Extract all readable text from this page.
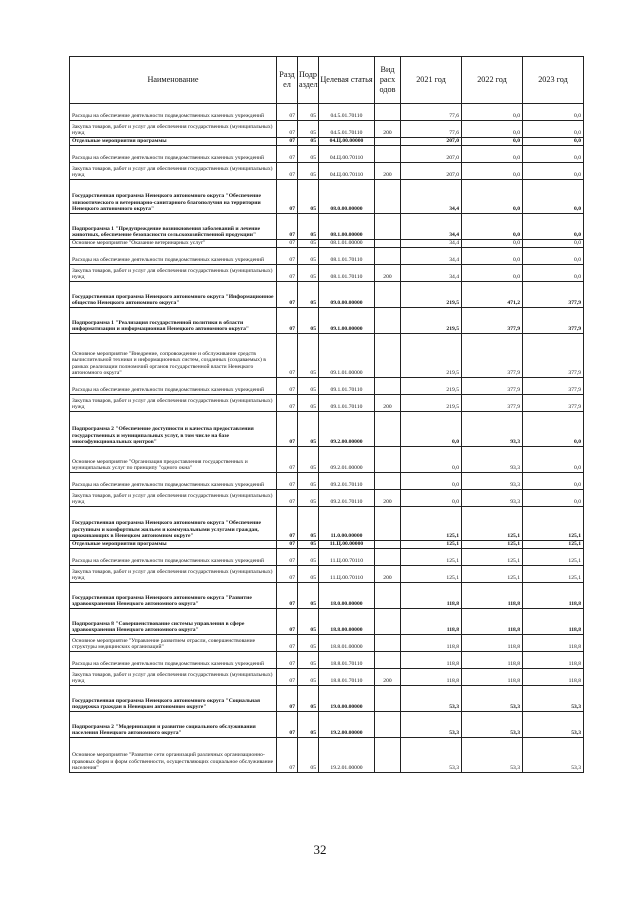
Наименование	Разд ел	Подр аздел	Целевая статья	Вид расх одов	2021 год	2022 год	2023 год
Расходы на обеспечение деятельности подведомственных казенных учреждений	07	05	04.5.01.70110		77,6	0,0	0,0
Закупка товаров, работ и услуг для обеспечения государственных (муниципальных) нужд	07	05	04.5.01.70110	200	77,6	0,0	0,0
Отдельные мероприятия программы	07	05	04.Ц.00.00000		207,0	0,0	0,0
Расходы на обеспечение деятельности подведомственных казенных учреждений	07	05	04.Ц.00.70110		207,0	0,0	0,0
Закупка товаров, работ и услуг для обеспечения государственных (муниципальных) нужд	07	05	04.Ц.00.70110	200	207,0	0,0	0,0
Государственная программа Ненецкого автономного округа "Обеспечение эпизоотического и ветеринарно-санитарного благополучия на территории Ненецкого автономного округа"	07	05	08.0.00.00000		34,4	0,0	0,0
Подпрограмма 1 "Предупреждение возникновения заболеваний и лечение животных, обеспечение безопасности сельскохозяйственной продукции"	07	05	08.1.00.00000		34,4	0,0	0,0
Основное мероприятие "Оказание ветеринарных услуг"	07	05	08.1.01.00000		34,4	0,0	0,0
Расходы на обеспечение деятельности подведомственных казенных учреждений	07	05	08.1.01.70110		34,4	0,0	0,0
Закупка товаров, работ и услуг для обеспечения государственных (муниципальных) нужд	07	05	08.1.01.70110	200	34,4	0,0	0,0
Государственная программа Ненецкого автономного округа "Информационное общество Ненецкого автономного округа"	07	05	09.0.00.00000		219,5	471,2	377,9
Подпрограмма 1 "Реализация государственной политики в области информатизации и информационная Ненецкого автономного округа"	07	05	09.1.00.00000		219,5	377,9	377,9
Основное мероприятие "Внедрение, сопровождение и обслуживание средств вычислительной техники и информационных систем, созданных (создаваемых) в рамках реализации полномочий органов государственной власти Ненецкого автономного округа"	07	05	09.1.01.00000		219,5	377,9	377,9
Расходы на обеспечение деятельности подведомственных казенных учреждений	07	05	09.1.01.70110		219,5	377,9	377,9
Закупка товаров, работ и услуг для обеспечения государственных (муниципальных) нужд	07	05	09.1.01.70110	200	219,5	377,9	377,9
Подпрограмма 2 "Обеспечение доступности и качества предоставления государственных и муниципальных услуг, в том числе на базе многофункциональных центров"	07	05	09.2.00.00000		0,0	93,3	0,0
Основное мероприятие "Организация предоставления государственных и муниципальных услуг по принципу "одного окна"	07	05	09.2.01.00000		0,0	93,3	0,0
Расходы на обеспечение деятельности подведомственных казенных учреждений	07	05	09.2.01.70110		0,0	93,3	0,0
Закупка товаров, работ и услуг для обеспечения государственных (муниципальных) нужд	07	05	09.2.01.70110	200	0,0	93,3	0,0
Государственная программа Ненецкого автономного округа "Обеспечение доступным и комфортным жильем и коммунальными услугами граждан, проживающих в Ненецком автономном округе"	07	05	11.0.00.00000		125,1	125,1	125,1
Отдельные мероприятия программы	07	05	11.Ц.00.00000		125,1	125,1	125,1
Расходы на обеспечение деятельности подведомственных казенных учреждений	07	05	11.Ц.00.70110		125,1	125,1	125,1
Закупка товаров, работ и услуг для обеспечения государственных (муниципальных) нужд	07	05	11.Ц.00.70110	200	125,1	125,1	125,1
Государственная программа Ненецкого автономного округа "Развитие здравоохранения Ненецкого автономного округа"	07	05	18.0.00.00000		118,8	118,8	118,8
Подпрограмма 8 "Совершенствование системы управления в сфере здравоохранения Ненецкого автономного округа"	07	05	18.8.00.00000		118,8	118,8	118,8
Основное мероприятие "Управление развитием отрасли, совершенствование структуры медицинских организаций"	07	05	18.8.01.00000		118,8	118,8	118,8
Расходы на обеспечение деятельности подведомственных казенных учреждений	07	05	18.8.01.70110		118,8	118,8	118,8
Закупка товаров, работ и услуг для обеспечения государственных (муниципальных) нужд	07	05	18.8.01.70110	200	118,8	118,8	118,8
Государственная программа Ненецкого автономного округа "Социальная поддержка граждан в Ненецком автономном округе"	07	05	19.0.00.00000		53,3	53,3	53,3
Подпрограмма 2 "Модернизация и развитие социального обслуживания населения Ненецкого автономного округа"	07	05	19.2.00.00000		53,3	53,3	53,3
Основное мероприятие "Развитие сети организаций различных организационно-правовых форм и форм собственности, осуществляющих социальное обслуживание населения"	07	05	19.2.01.00000		53,3	53,3	53,3
32
